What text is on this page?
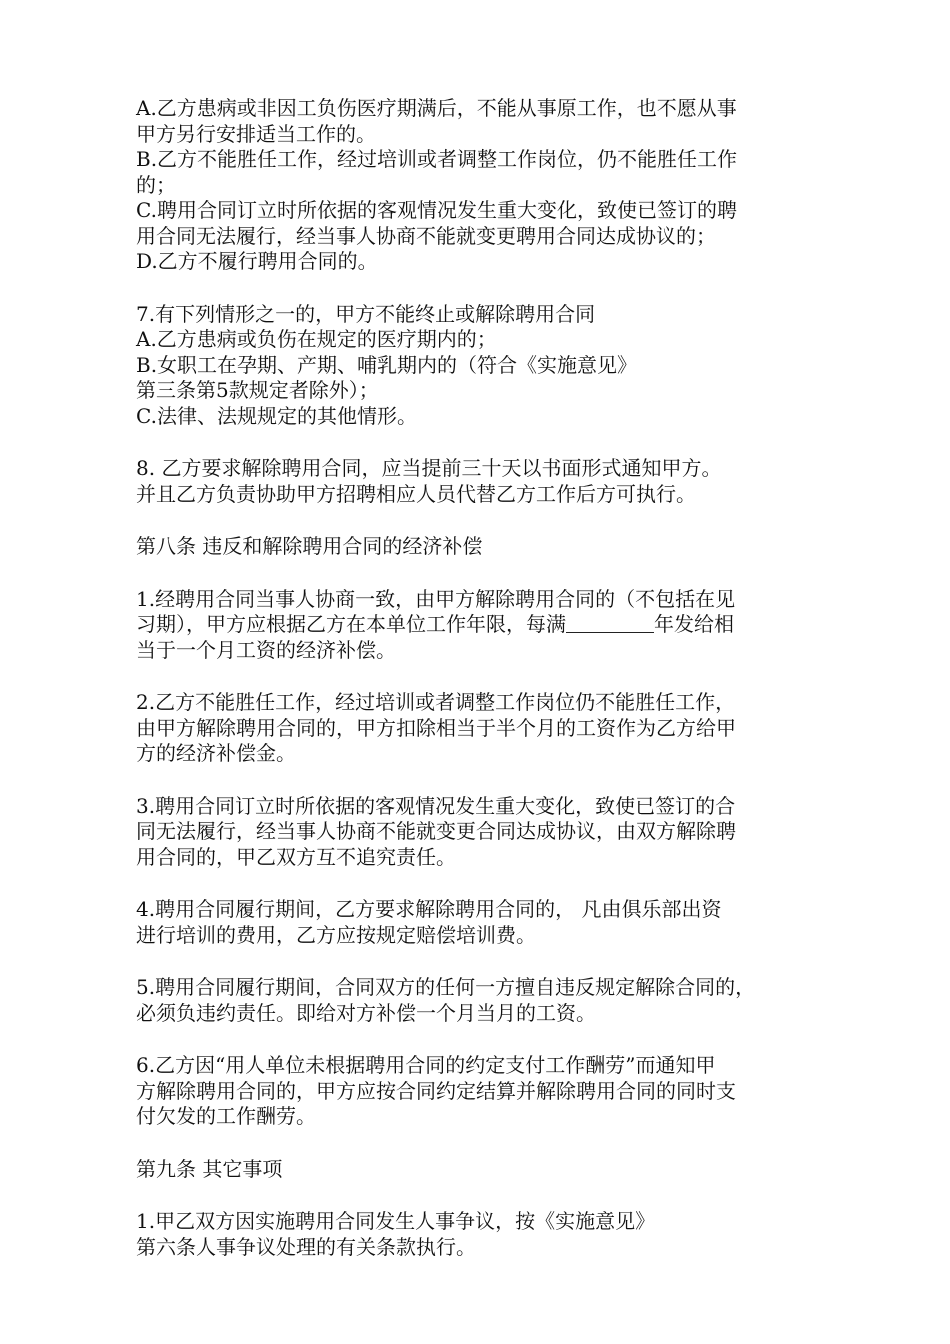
A.乙方患病或非因工负伤医疗期满后，不能从事原工作，也不愿从事
甲方另行安排适当工作的。
B.乙方不能胜任工作，经过培训或者调整工作岗位，仍不能胜任工作
的；
C.聘用合同订立时所依据的客观情况发生重大变化，致使已签订的聘
用合同无法履行，经当事人协商不能就变更聘用合同达成协议的；
D.乙方不履行聘用合同的。
7.有下列情形之一的，甲方不能终止或解除聘用合同
A.乙方患病或负伤在规定的医疗期内的；
B.女职工在孕期、产期、哺乳期内的（符合《实施意见》
第三条第5款规定者除外）；
C.法律、法规规定的其他情形。
8. 乙方要求解除聘用合同，应当提前三十天以书面形式通知甲方。
并且乙方负责协助甲方招聘相应人员代替乙方工作后方可执行。
第八条 违反和解除聘用合同的经济补偿
1.经聘用合同当事人协商一致，由甲方解除聘用合同的（不包括在见
习期），甲方应根据乙方在本单位工作年限，每满	年发给相
当于一个月工资的经济补偿。
2.乙方不能胜任工作，经过培训或者调整工作岗位仍不能胜任工作，
由甲方解除聘用合同的，甲方扣除相当于半个月的工资作为乙方给甲
方的经济补偿金。
3.聘用合同订立时所依据的客观情况发生重大变化，致使已签订的合
同无法履行，经当事人协商不能就变更合同达成协议，由双方解除聘
用合同的，甲乙双方互不追究责任。
4.聘用合同履行期间，乙方要求解除聘用合同的， 凡由俱乐部出资
进行培训的费用，乙方应按规定赔偿培训费。
5.聘用合同履行期间，合同双方的任何一方擅自违反规定解除合同的，
必须负违约责任。即给对方补偿一个月当月的工资。
6.乙方因“用人单位未根据聘用合同的约定支付工作酬劳”而通知甲
方解除聘用合同的，甲方应按合同约定结算并解除聘用合同的同时支
付欠发的工作酬劳。
第九条 其它事项
1.甲乙双方因实施聘用合同发生人事争议，按《实施意见》
第六条人事争议处理的有关条款执行。
